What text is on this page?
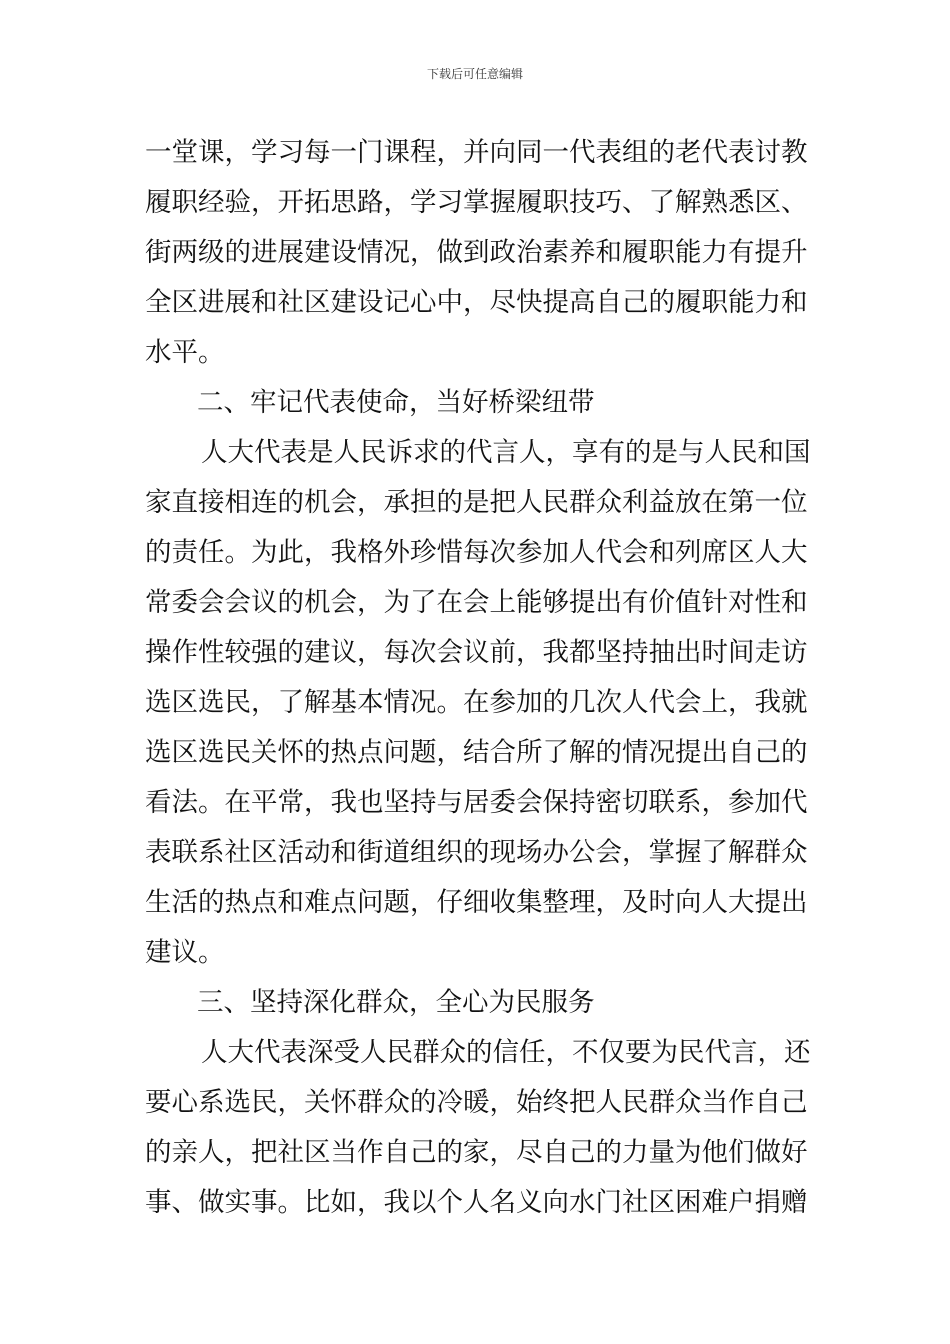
下载后可任意编辑
一堂课，学习每一门课程，并向同一代表组的老代表讨教
履职经验，开拓思路，学习掌握履职技巧、了解熟悉区、
街两级的进展建设情况，做到政治素养和履职能力有提升
全区进展和社区建设记心中，尽快提高自己的履职能力和
水平。
二、牢记代表使命，当好桥梁纽带
人大代表是人民诉求的代言人，享有的是与人民和国
家直接相连的机会，承担的是把人民群众利益放在第一位
的责任。为此，我格外珍惜每次参加人代会和列席区人大
常委会会议的机会，为了在会上能够提出有价值针对性和
操作性较强的建议，每次会议前，我都坚持抽出时间走访
选区选民，了解基本情况。在参加的几次人代会上，我就
选区选民关怀的热点问题，结合所了解的情况提出自己的
看法。在平常，我也坚持与居委会保持密切联系，参加代
表联系社区活动和街道组织的现场办公会，掌握了解群众
生活的热点和难点问题，仔细收集整理，及时向人大提出
建议。
三、坚持深化群众，全心为民服务
人大代表深受人民群众的信任，不仅要为民代言，还
要心系选民，关怀群众的冷暖，始终把人民群众当作自己
的亲人，把社区当作自己的家，尽自己的力量为他们做好
事、做实事。比如，我以个人名义向水门社区困难户捐赠
